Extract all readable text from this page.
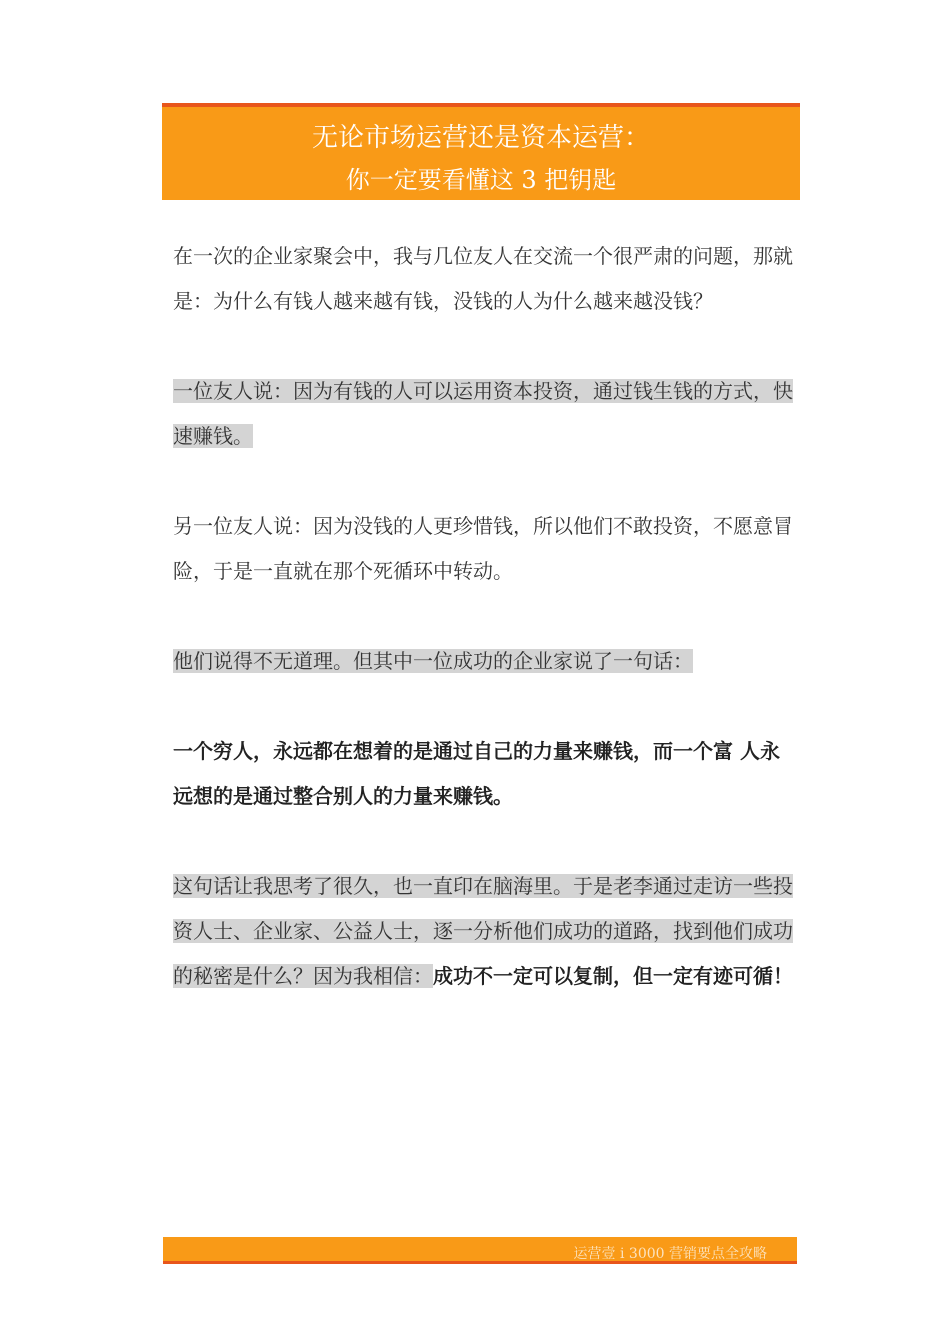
无论市场运营还是资本运营：
你一定要看懂这 3 把钥匙

在一次的企业家聚会中，我与几位友人在交流一个很严肃的问题，那就是：为什么有钱人越来越有钱，没钱的人为什么越来越没钱？

一位友人说：因为有钱的人可以运用资本投资，通过钱生钱的方式，快速赚钱。

另一位友人说：因为没钱的人更珍惜钱，所以他们不敢投资，不愿意冒险，于是一直就在那个死循环中转动。

他们说得不无道理。但其中一位成功的企业家说了一句话：

一个穷人，永远都在想着的是通过自己的力量来赚钱，而一个富 人永远想的是通过整合别人的力量来赚钱。

这句话让我思考了很久，也一直印在脑海里。于是老李通过走访一些投资人士、企业家、公益人士，逐一分析他们成功的道路，找到他们成功的秘密是什么？因为我相信：成功不一定可以复制，但一定有迹可循！

运营壹 i 3000 营销要点全攻略
